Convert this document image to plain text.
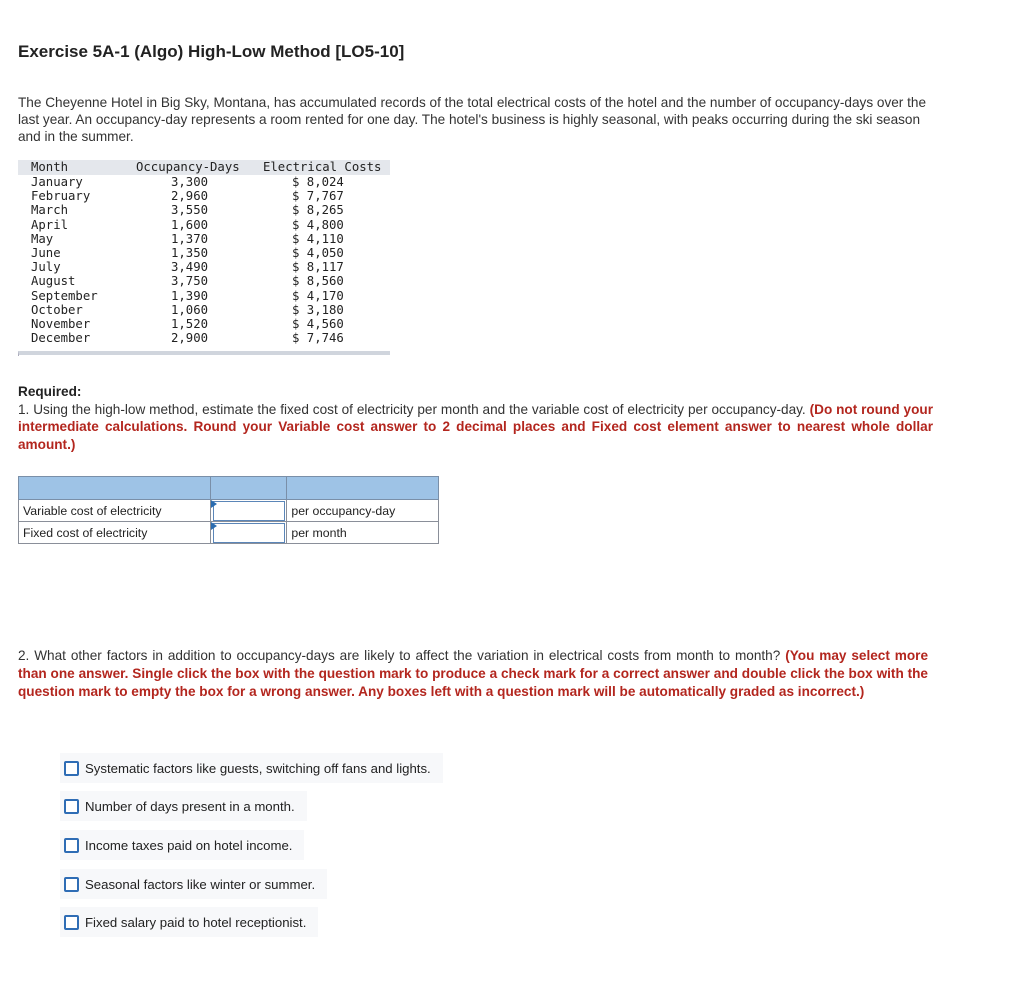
Exercise 5A-1 (Algo) High-Low Method [LO5-10]
The Cheyenne Hotel in Big Sky, Montana, has accumulated records of the total electrical costs of the hotel and the number of occupancy-days over the last year. An occupancy-day represents a room rented for one day. The hotel's business is highly seasonal, with peaks occurring during the ski season and in the summer.
Month	Occupancy-Days	Electrical Costs
January	3,300	$ 8,024
February	2,960	$ 7,767
March	3,550	$ 8,265
April	1,600	$ 4,800
May	1,370	$ 4,110
June	1,350	$ 4,050
July	3,490	$ 8,117
August	3,750	$ 8,560
September	1,390	$ 4,170
October	1,060	$ 3,180
November	1,520	$ 4,560
December	2,900	$ 7,746
Required:
1. Using the high-low method, estimate the fixed cost of electricity per month and the variable cost of electricity per occupancy-day. (Do not round your intermediate calculations. Round your Variable cost answer to 2 decimal places and Fixed cost element answer to nearest whole dollar amount.)

Variable cost of electricity		per occupancy-day
Fixed cost of electricity		per month
2. What other factors in addition to occupancy-days are likely to affect the variation in electrical costs from month to month? (You may select more than one answer. Single click the box with the question mark to produce a check mark for a correct answer and double click the box with the question mark to empty the box for a wrong answer. Any boxes left with a question mark will be automatically graded as incorrect.)
Systematic factors like guests, switching off fans and lights.
Number of days present in a month.
Income taxes paid on hotel income.
Seasonal factors like winter or summer.
Fixed salary paid to hotel receptionist.
